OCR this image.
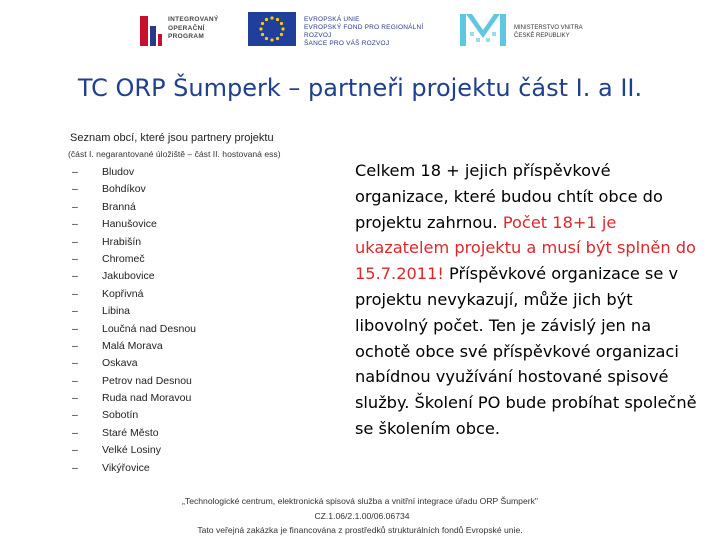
INTEGROVANÝ
OPERAČNÍ
PROGRAM
EVROPSKÁ UNIE
EVROPSKÝ FOND PRO REGIONÁLNÍ ROZVOJ
ŠANCE PRO VÁŠ ROZVOJ
MINISTERSTVO VNITRA
ČESKÉ REPUBLIKY
TC ORP Šumperk – partneři projektu část I. a II.
Seznam obcí, které jsou partnery projektu
(část I. negarantované úložiště – část II. hostovaná ess)
– Bludov
– Bohdíkov
– Branná
– Hanušovice
– Hrabišín
– Chromeč
– Jakubovice
– Kopřivná
– Libina
– Loučná nad Desnou
– Malá Morava
– Oskava
– Petrov nad Desnou
– Ruda nad Moravou
– Sobotín
– Staré Město
– Velké Losiny
– Vikýřovice
Celkem 18 + jejich příspěvkové organizace, které budou chtít obce do projektu zahrnou. Počet 18+1 je ukazatelem projektu a musí být splněn do 15.7.2011! Příspěvkové organizace se v projektu nevykazují, může jich být libovolný počet. Ten je závislý jen na ochotě obce své příspěvkové organizaci nabídnou využívání hostované spisové služby. Školení PO bude probíhat společně se školením obce.
„Technologické centrum, elektronická spisová služba a vnitřní integrace úřadu ORP Šumperk"
CZ.1.06/2.1.00/06.06734
Tato veřejná zakázka je financována z prostředků strukturálních fondů Evropské unie.
